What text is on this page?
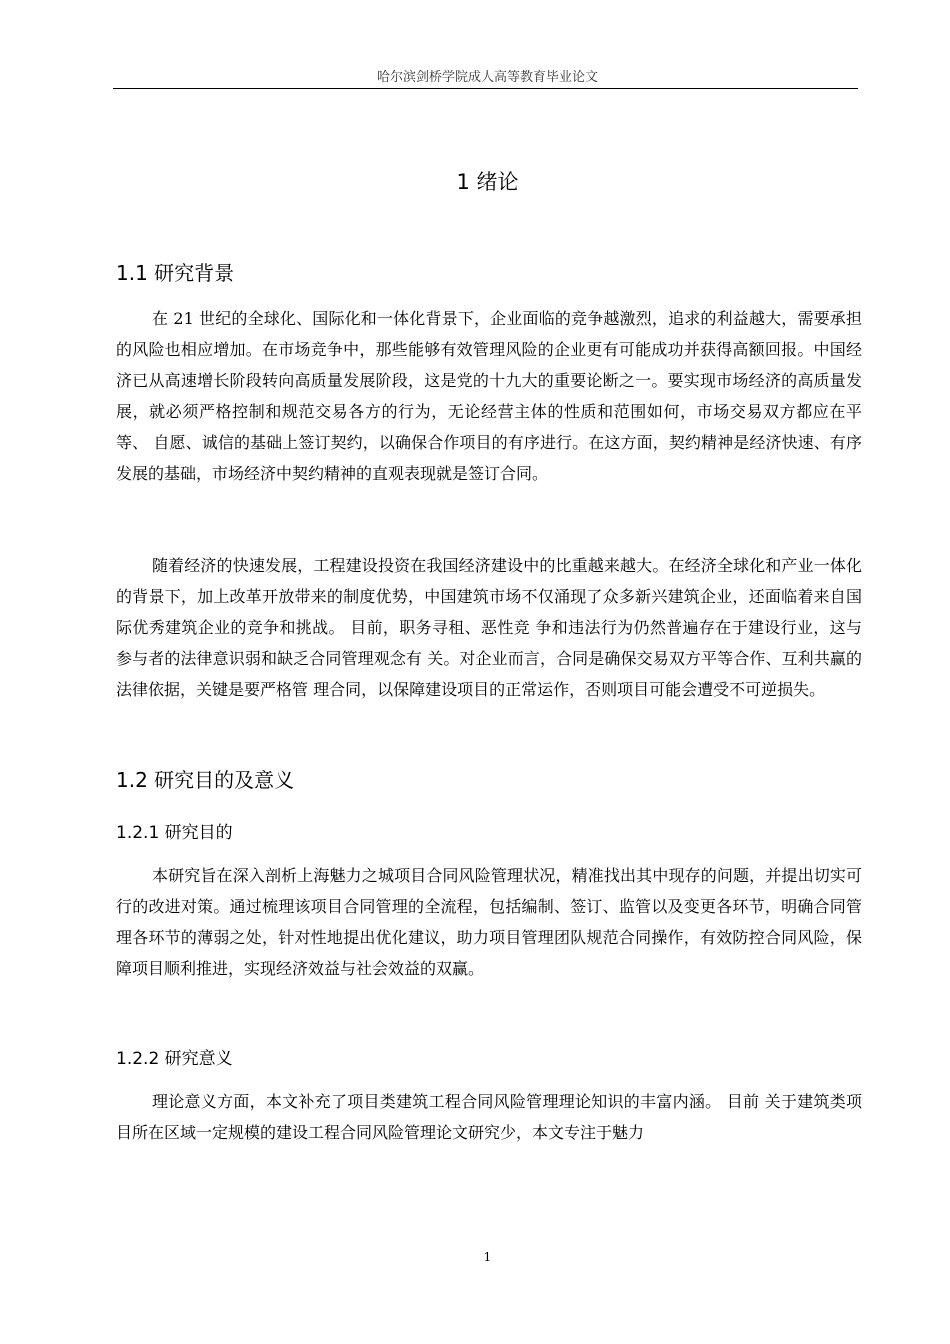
哈尔滨剑桥学院成人高等教育毕业论文
1 绪论
1.1 研究背景

在 21 世纪的全球化、国际化和一体化背景下，企业面临的竞争越激烈，追求的利益越大，需要承担的风险也相应增加。在市场竞争中，那些能够有效管理风险的企业更有可能成功并获得高额回报。中国经济已从高速增长阶段转向高质量发展阶段，这是党的十九大的重要论断之一。要实现市场经济的高质量发展，就必须严格控制和规范交易各方的行为，无论经营主体的性质和范围如何，市场交易双方都应在平等、 自愿、诚信的基础上签订契约，以确保合作项目的有序进行。在这方面，契约精神是经济快速、有序发展的基础，市场经济中契约精神的直观表现就是签订合同。

随着经济的快速发展，工程建设投资在我国经济建设中的比重越来越大。在经济全球化和产业一体化的背景下，加上改革开放带来的制度优势，中国建筑市场不仅涌现了众多新兴建筑企业，还面临着来自国际优秀建筑企业的竞争和挑战。 目前，职务寻租、恶性竞 争和违法行为仍然普遍存在于建设行业，这与参与者的法律意识弱和缺乏合同管理观念有 关。对企业而言，合同是确保交易双方平等合作、互利共赢的法律依据，关键是要严格管 理合同，以保障建设项目的正常运作，否则项目可能会遭受不可逆损失。

1.2 研究目的及意义
1.2.1 研究目的

本研究旨在深入剖析上海魅力之城项目合同风险管理状况，精准找出其中现存的问题，并提出切实可行的改进对策。通过梳理该项目合同管理的全流程，包括编制、签订、监管以及变更各环节，明确合同管理各环节的薄弱之处，针对性地提出优化建议，助力项目管理团队规范合同操作，有效防控合同风险，保障项目顺利推进，实现经济效益与社会效益的双赢。

1.2.2 研究意义

理论意义方面，本文补充了项目类建筑工程合同风险管理理论知识的丰富内涵。 目前 关于建筑类项目所在区域一定规模的建设工程合同风险管理论文研究少，本文专注于魅力

1
